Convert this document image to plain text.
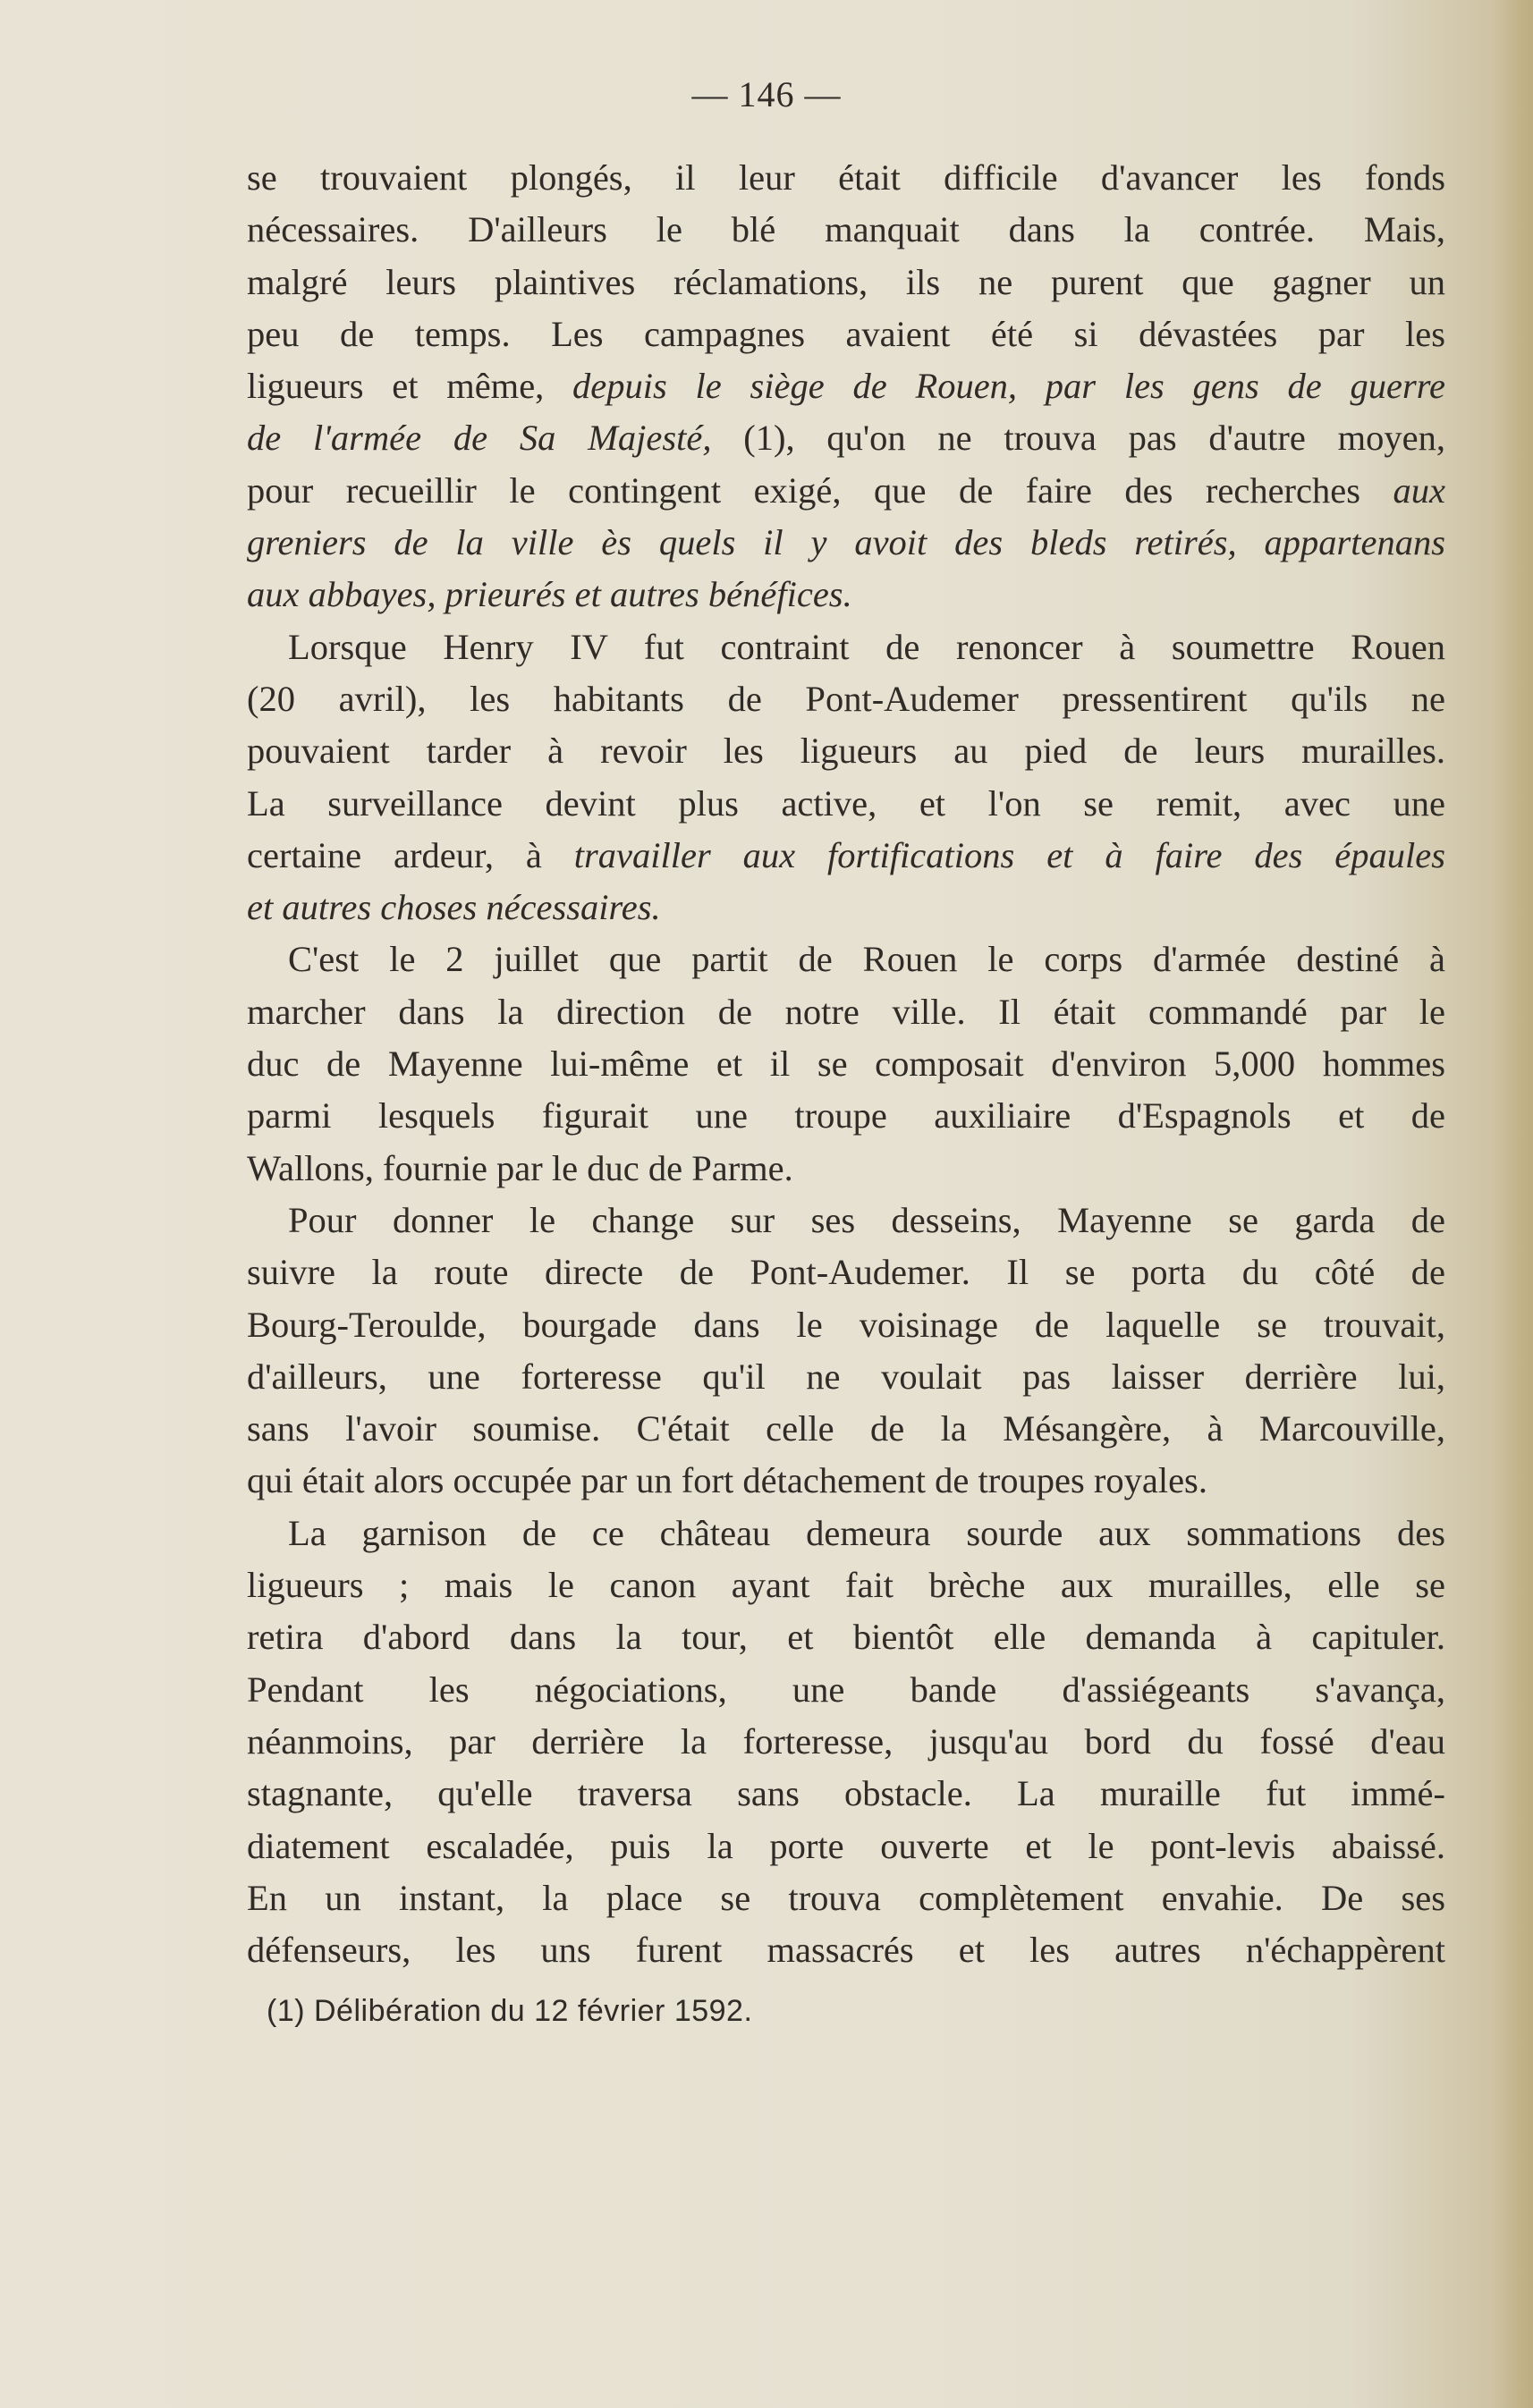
— 146 —
se trouvaient plongés, il leur était difficile d'avancer les fonds
nécessaires. D'ailleurs le blé manquait dans la contrée. Mais,
malgré leurs plaintives réclamations, ils ne purent que gagner un
peu de temps. Les campagnes avaient été si dévastées par les
ligueurs et même, depuis le siège de Rouen, par les gens de guerre
de l'armée de Sa Majesté, (1), qu'on ne trouva pas d'autre moyen,
pour recueillir le contingent exigé, que de faire des recherches aux
greniers de la ville ès quels il y avoit des bleds retirés, appartenans
aux abbayes, prieurés et autres bénéfices.
Lorsque Henry IV fut contraint de renoncer à soumettre Rouen
(20 avril), les habitants de Pont-Audemer pressentirent qu'ils ne
pouvaient tarder à revoir les ligueurs au pied de leurs murailles.
La surveillance devint plus active, et l'on se remit, avec une
certaine ardeur, à travailler aux fortifications et à faire des épaules
et autres choses nécessaires.
C'est le 2 juillet que partit de Rouen le corps d'armée destiné à
marcher dans la direction de notre ville. Il était commandé par le
duc de Mayenne lui-même et il se composait d'environ 5,000 hommes
parmi lesquels figurait une troupe auxiliaire d'Espagnols et de
Wallons, fournie par le duc de Parme.
Pour donner le change sur ses desseins, Mayenne se garda de
suivre la route directe de Pont-Audemer. Il se porta du côté de
Bourg-Teroulde, bourgade dans le voisinage de laquelle se trouvait,
d'ailleurs, une forteresse qu'il ne voulait pas laisser derrière lui,
sans l'avoir soumise. C'était celle de la Mésangère, à Marcouville,
qui était alors occupée par un fort détachement de troupes royales.
La garnison de ce château demeura sourde aux sommations des
ligueurs ; mais le canon ayant fait brèche aux murailles, elle se
retira d'abord dans la tour, et bientôt elle demanda à capituler.
Pendant les négociations, une bande d'assiégeants s'avança,
néanmoins, par derrière la forteresse, jusqu'au bord du fossé d'eau
stagnante, qu'elle traversa sans obstacle. La muraille fut immé-
diatement escaladée, puis la porte ouverte et le pont-levis abaissé.
En un instant, la place se trouva complètement envahie. De ses
défenseurs, les uns furent massacrés et les autres n'échappèrent
(1) Délibération du 12 février 1592.
